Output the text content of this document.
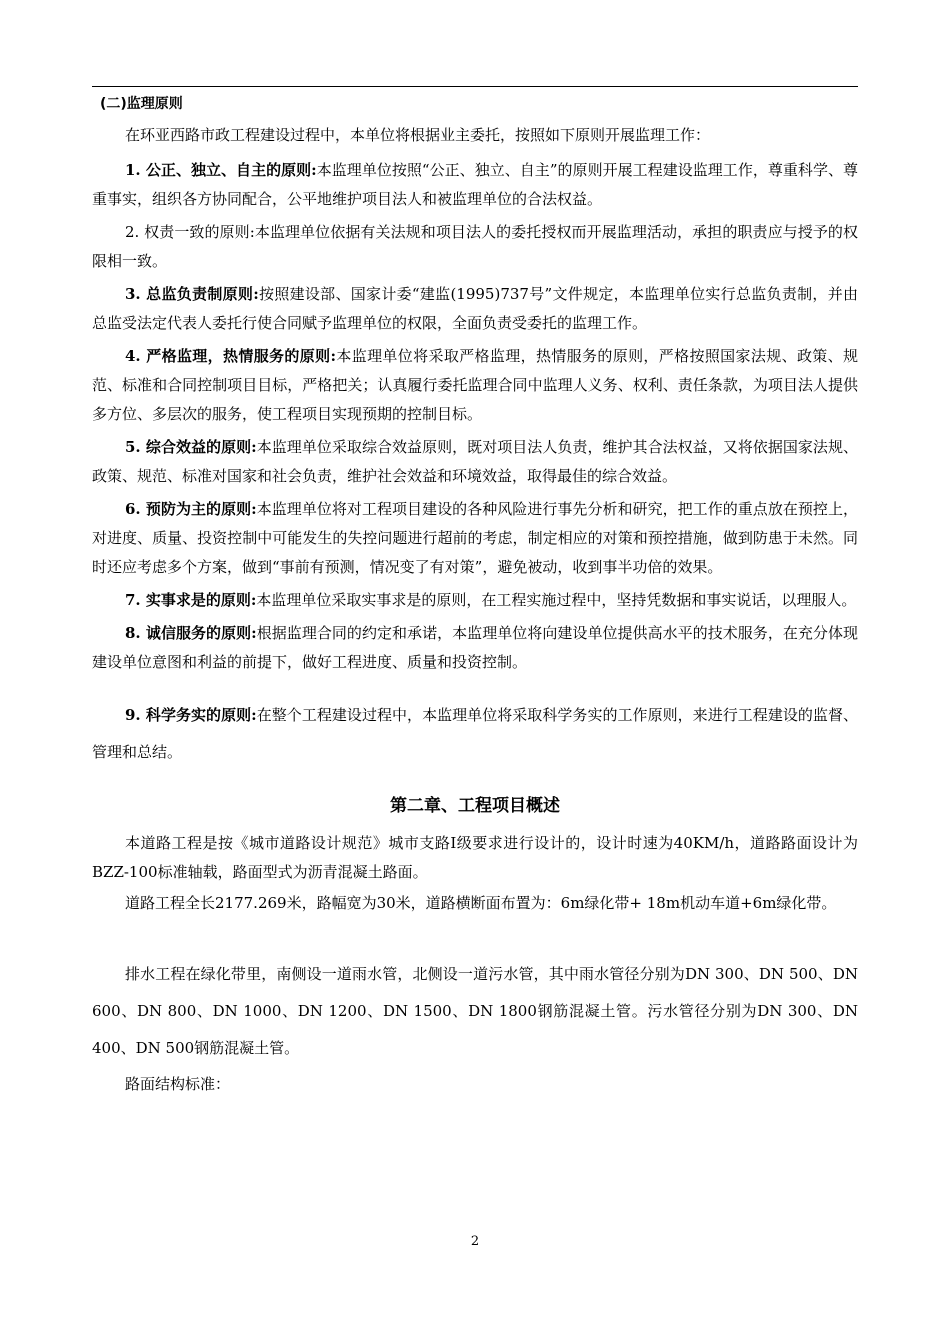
(二)监理原则

在环亚西路市政工程建设过程中，本单位将根据业主委托，按照如下原则开展监理工作：

1. 公正、独立、自主的原则:本监理单位按照“公正、独立、自主”的原则开展工程建设监理工作，尊重科学、尊重事实，组织各方协同配合，公平地维护项目法人和被监理单位的合法权益。

2. 权责一致的原则:本监理单位依据有关法规和项目法人的委托授权而开展监理活动，承担的职责应与授予的权限相一致。

3. 总监负责制原则:按照建设部、国家计委“建监(1995)737号”文件规定，本监理单位实行总监负责制，并由总监受法定代表人委托行使合同赋予监理单位的权限，全面负责受委托的监理工作。

4. 严格监理，热情服务的原则:本监理单位将采取严格监理，热情服务的原则，严格按照国家法规、政策、规范、标准和合同控制项目目标，严格把关；认真履行委托监理合同中监理人义务、权利、责任条款，为项目法人提供多方位、多层次的服务，使工程项目实现预期的控制目标。

5. 综合效益的原则:本监理单位采取综合效益原则，既对项目法人负责，维护其合法权益，又将依据国家法规、政策、规范、标准对国家和社会负责，维护社会效益和环境效益，取得最佳的综合效益。

6. 预防为主的原则:本监理单位将对工程项目建设的各种风险进行事先分析和研究，把工作的重点放在预控上，对进度、质量、投资控制中可能发生的失控问题进行超前的考虑，制定相应的对策和预控措施，做到防患于未然。同时还应考虑多个方案，做到“事前有预测，情况变了有对策”，避免被动，收到事半功倍的效果。

7. 实事求是的原则:本监理单位采取实事求是的原则，在工程实施过程中，坚持凭数据和事实说话，以理服人。

8. 诚信服务的原则:根据监理合同的约定和承诺，本监理单位将向建设单位提供高水平的技术服务，在充分体现建设单位意图和利益的前提下，做好工程进度、质量和投资控制。

9. 科学务实的原则:在整个工程建设过程中，本监理单位将采取科学务实的工作原则，来进行工程建设的监督、管理和总结。

第二章、工程项目概述

本道路工程是按《城市道路设计规范》城市支路Ⅰ级要求进行设计的，设计时速为40KM/h，道路路面设计为BZZ-100标准轴载，路面型式为沥青混凝土路面。

道路工程全长2177.269米，路幅宽为30米，道路横断面布置为：6m绿化带+ 18m机动车道+6m绿化带。

排水工程在绿化带里，南侧设一道雨水管，北侧设一道污水管，其中雨水管径分别为DN 300、DN 500、DN 600、DN 800、DN 1000、DN 1200、DN 1500、DN 1800钢筋混凝土管。污水管径分别为DN 300、DN 400、DN 500钢筋混凝土管。

路面结构标准：

2
